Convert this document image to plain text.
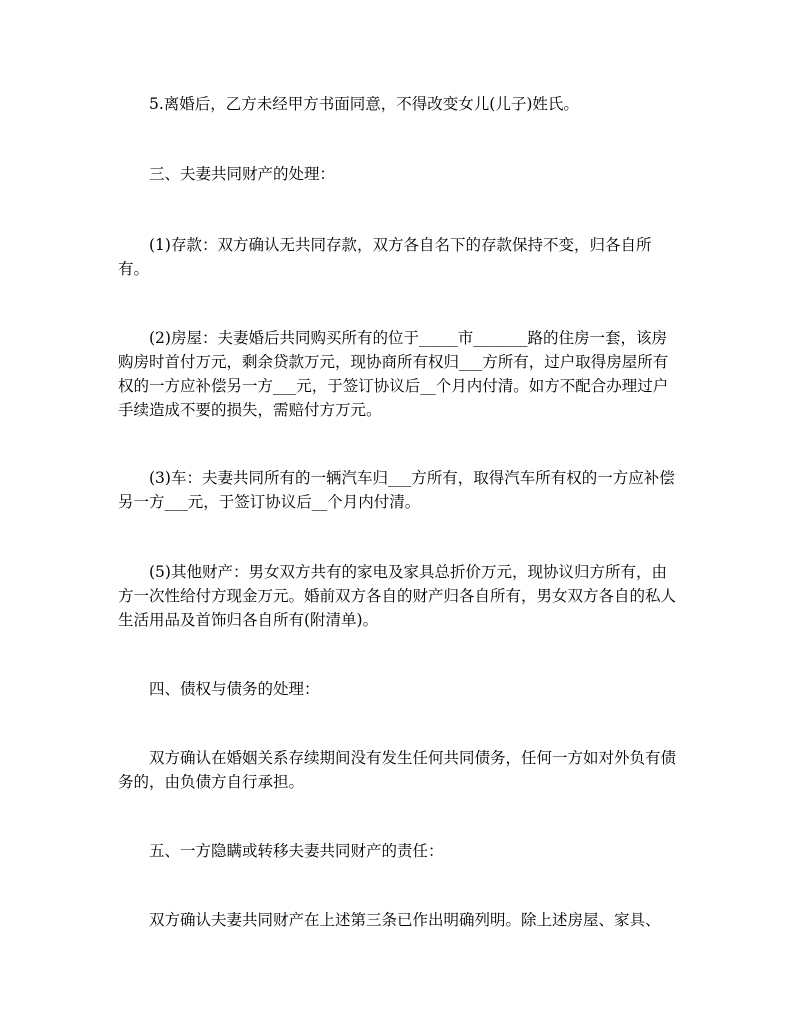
5.离婚后，乙方未经甲方书面同意，不得改变女儿(儿子)姓氏。

三、夫妻共同财产的处理：

(1)存款：双方确认无共同存款，双方各自名下的存款保持不变，归各自所有。

(2)房屋：夫妻婚后共同购买所有的位于_____市_______路的住房一套，该房购房时首付万元，剩余贷款万元，现协商所有权归___方所有，过户取得房屋所有权的一方应补偿另一方___元，于签订协议后__个月内付清。如方不配合办理过户手续造成不要的损失，需赔付方万元。

(3)车：夫妻共同所有的一辆汽车归___方所有，取得汽车所有权的一方应补偿另一方___元，于签订协议后__个月内付清。

(5)其他财产：男女双方共有的家电及家具总折价万元，现协议归方所有，由方一次性给付方现金万元。婚前双方各自的财产归各自所有，男女双方各自的私人生活用品及首饰归各自所有(附清单)。

四、债权与债务的处理：

双方确认在婚姻关系存续期间没有发生任何共同债务，任何一方如对外负有债务的，由负债方自行承担。

五、一方隐瞒或转移夫妻共同财产的责任：

双方确认夫妻共同财产在上述第三条已作出明确列明。除上述房屋、家具、
